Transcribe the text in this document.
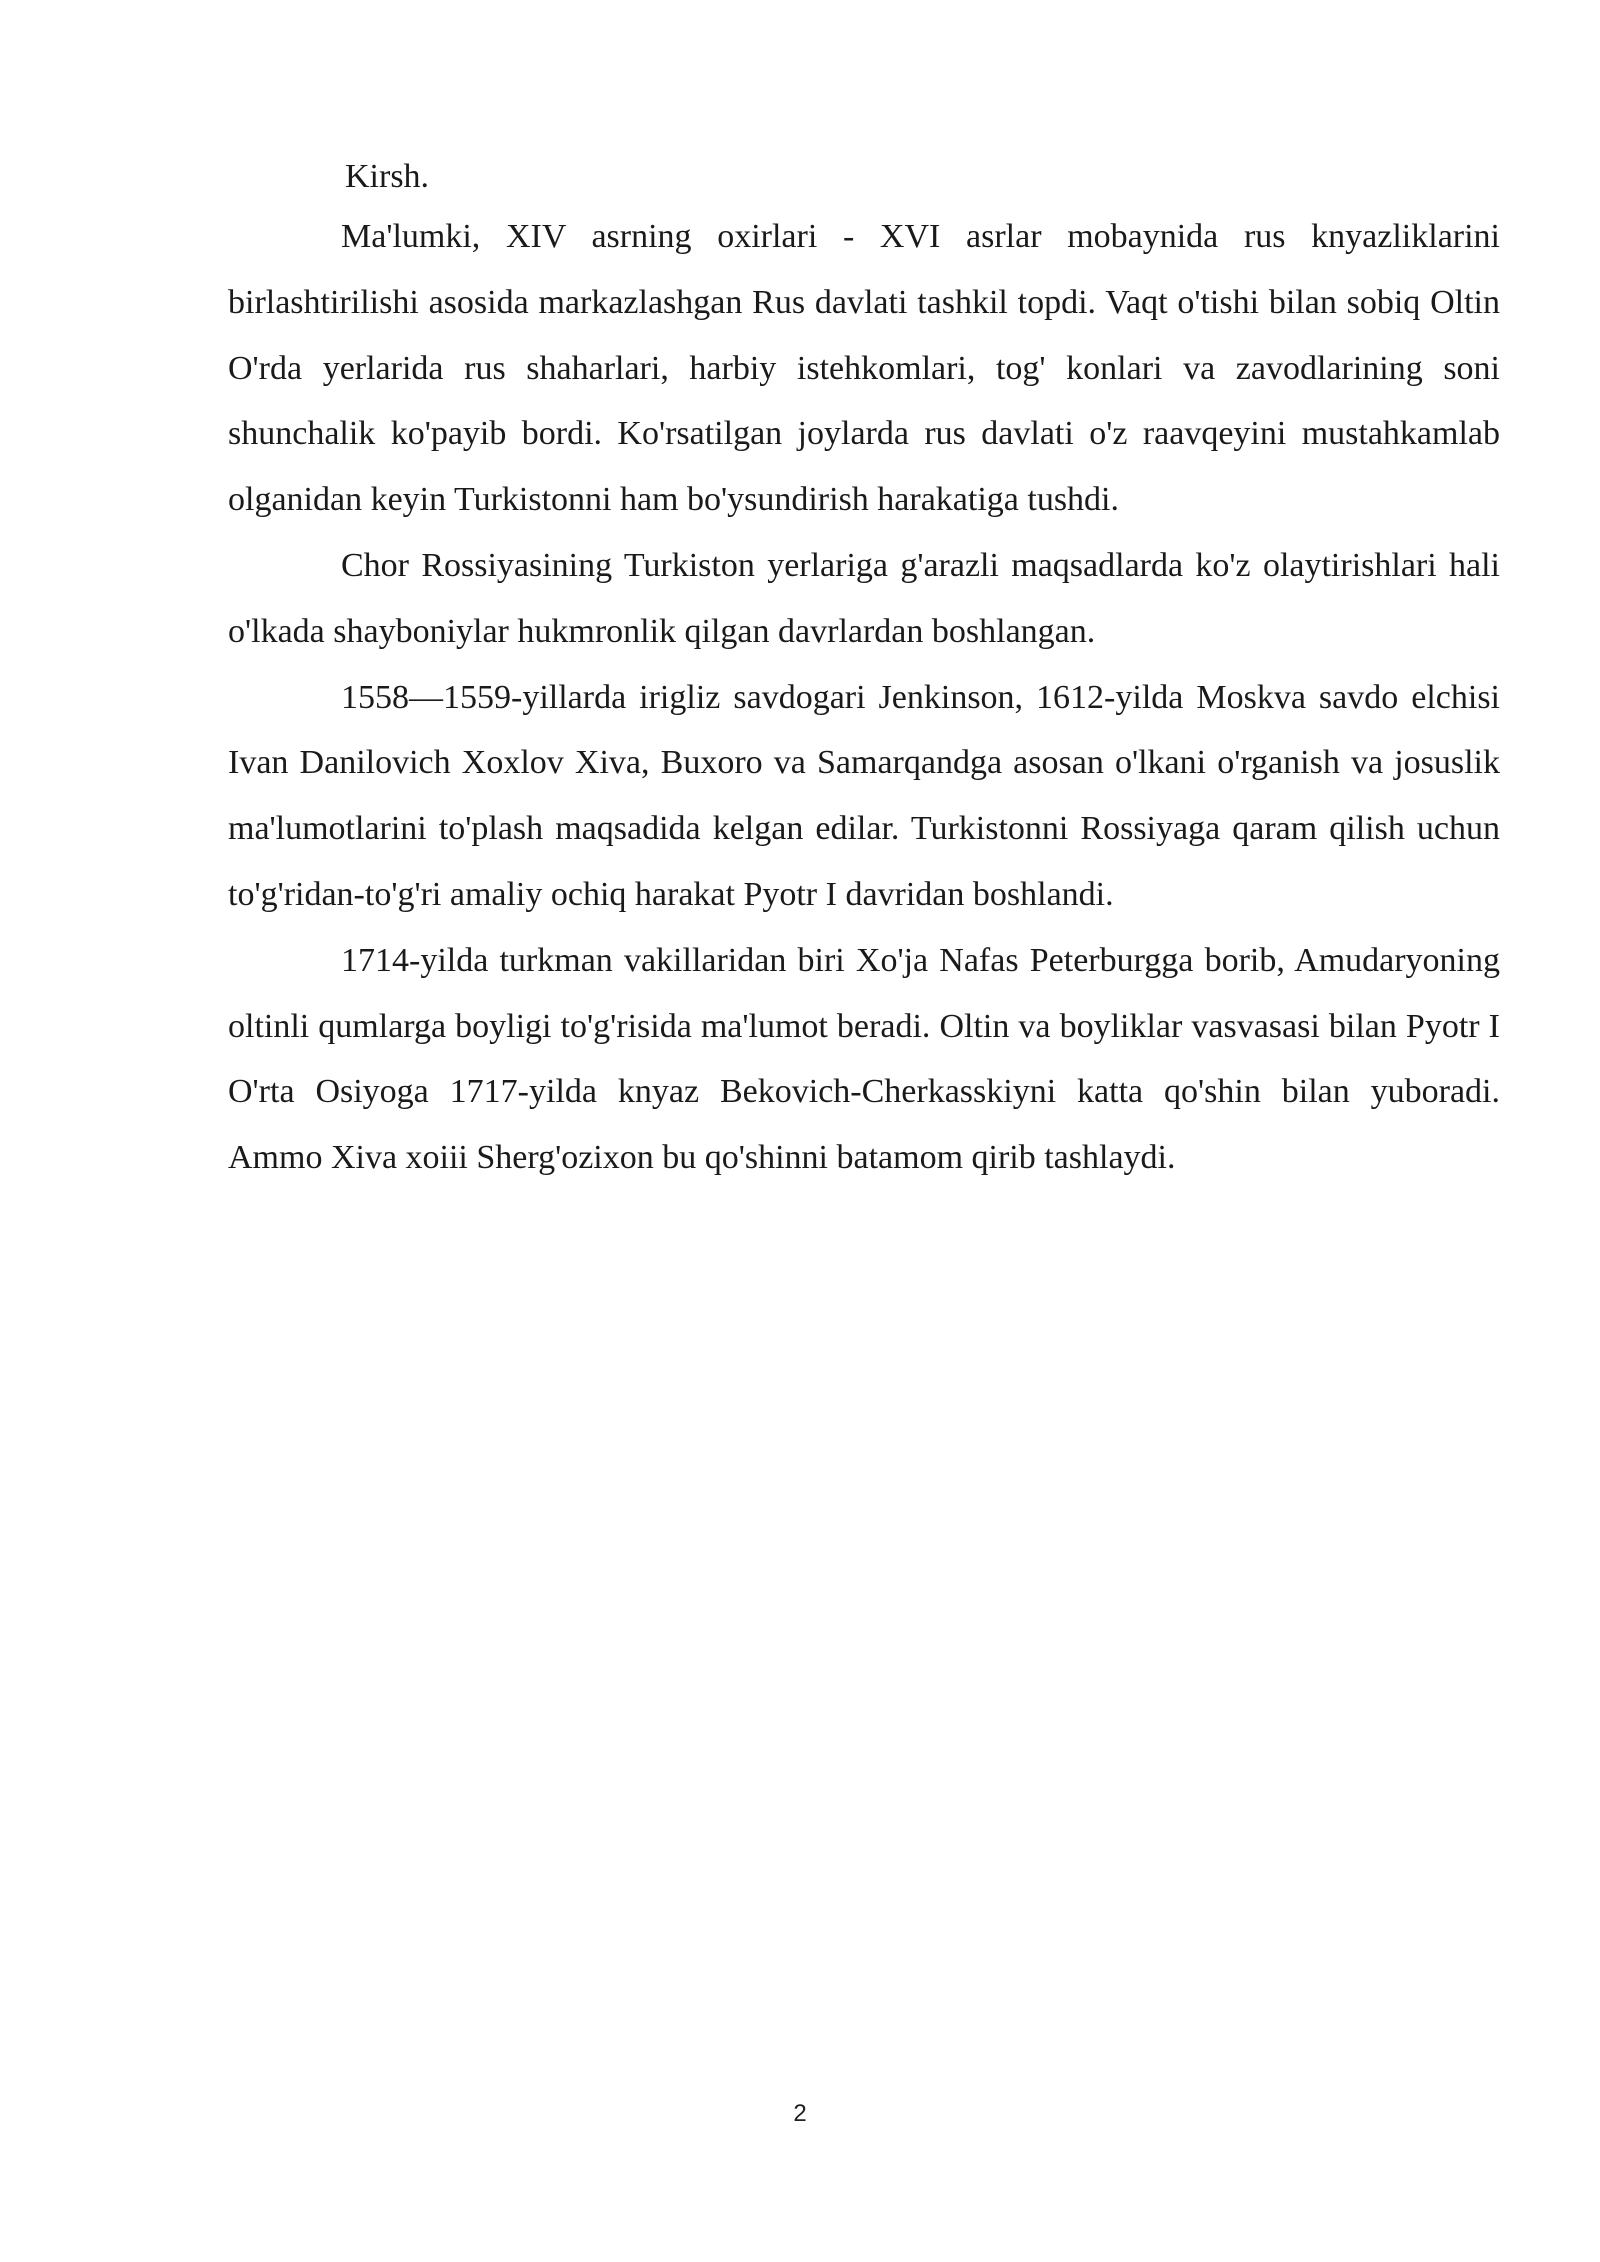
Kirsh.

Ma'lumki, XIV asrning oxirlari - XVI asrlar mobaynida rus knyazliklarini birlashtirilishi asosida markazlashgan Rus davlati tashkil topdi. Vaqt o'tishi bilan sobiq Oltin O'rda yerlarida rus shaharlari, harbiy istehkomlari, tog' konlari va zavodlarining soni shunchalik ko'payib bordi. Ko'rsatilgan joylarda rus davlati o'z raavqeyini mustahkamlab olganidan keyin Turkistonni ham bo'ysundirish harakatiga tushdi.

Chor Rossiyasining Turkiston yerlariga g'arazli maqsadlarda ko'z olaytirishlari hali o'lkada shayboniylar hukmronlik qilgan davrlardan boshlangan.

1558—1559-yillarda irigliz savdogari Jenkinson, 1612-yilda Moskva savdo elchisi Ivan Danilovich Xoxlov Xiva, Buxoro va Samarqandga asosan o'lkani o'rganish va josuslik ma'lumotlarini to'plash maqsadida kelgan edilar. Turkistonni Rossiyaga qaram qilish uchun to'g'ridan-to'g'ri amaliy ochiq harakat Pyotr I davridan boshlandi.

1714-yilda turkman vakillaridan biri Xo'ja Nafas Peterburgga borib, Amudaryoning oltinli qumlarga boyligi to'g'risida ma'lumot beradi. Oltin va boyliklar vasvasasi bilan Pyotr I O'rta Osiyoga 1717-yilda knyaz Bekovich-Cherkasskiyni katta qo'shin bilan yuboradi. Ammo Xiva xoiii Sherg'ozixon bu qo'shinni batamom qirib tashlaydi.

2
